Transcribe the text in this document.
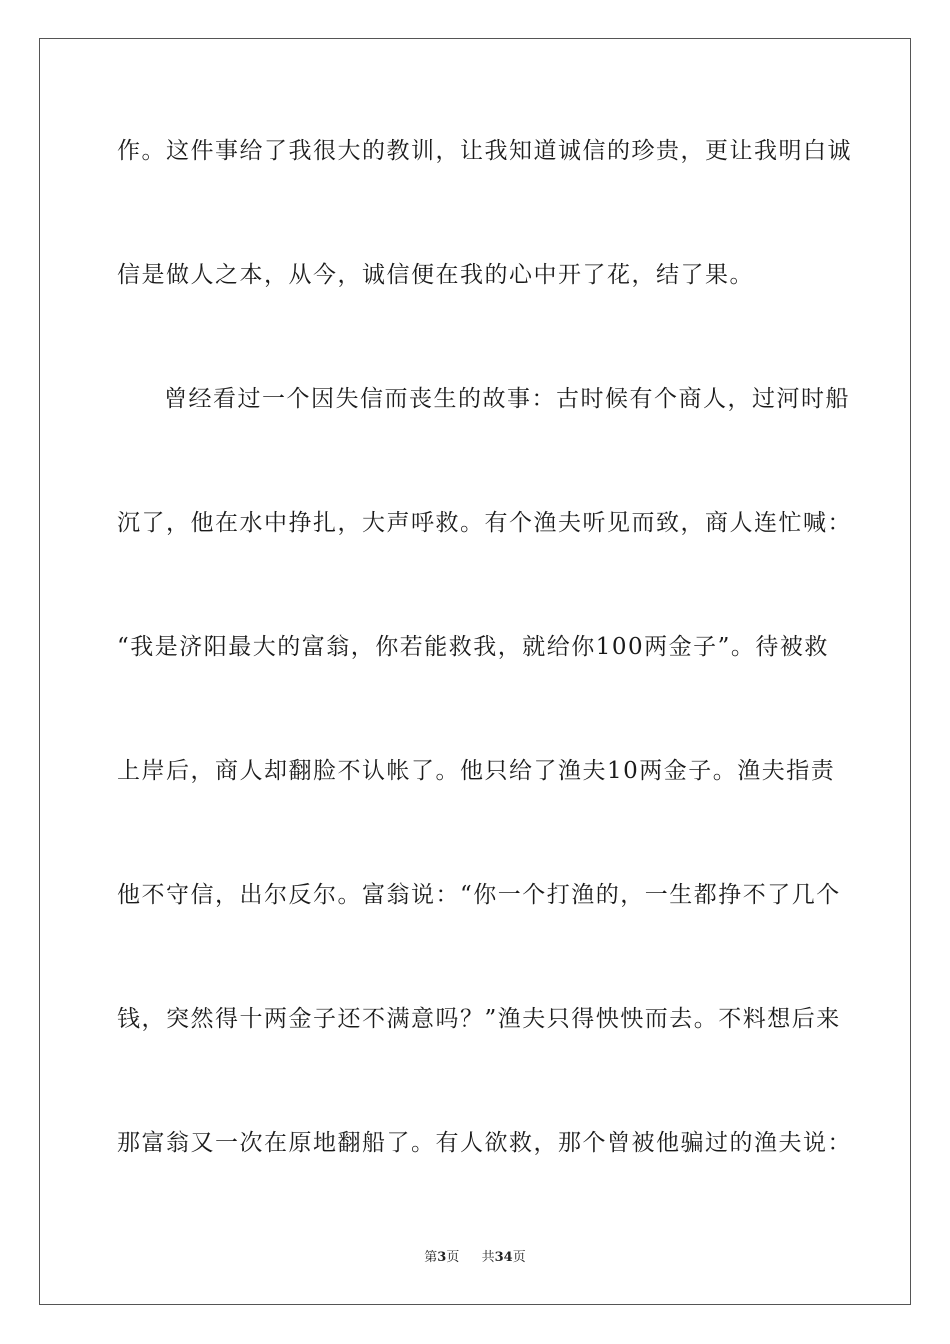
作。这件事给了我很大的教训，让我知道诚信的珍贵，更让我明白诚
信是做人之本，从今，诚信便在我的心中开了花，结了果。
曾经看过一个因失信而丧生的故事：古时候有个商人，过河时船
沉了，他在水中挣扎，大声呼救。有个渔夫听见而致，商人连忙喊：
“我是济阳最大的富翁，你若能救我，就给你100两金子”。待被救
上岸后，商人却翻脸不认帐了。他只给了渔夫10两金子。渔夫指责
他不守信，出尔反尔。富翁说：“你一个打渔的，一生都挣不了几个
钱，突然得十两金子还不满意吗？”渔夫只得怏怏而去。不料想后来
那富翁又一次在原地翻船了。有人欲救，那个曾被他骗过的渔夫说：
第3页 共34页
